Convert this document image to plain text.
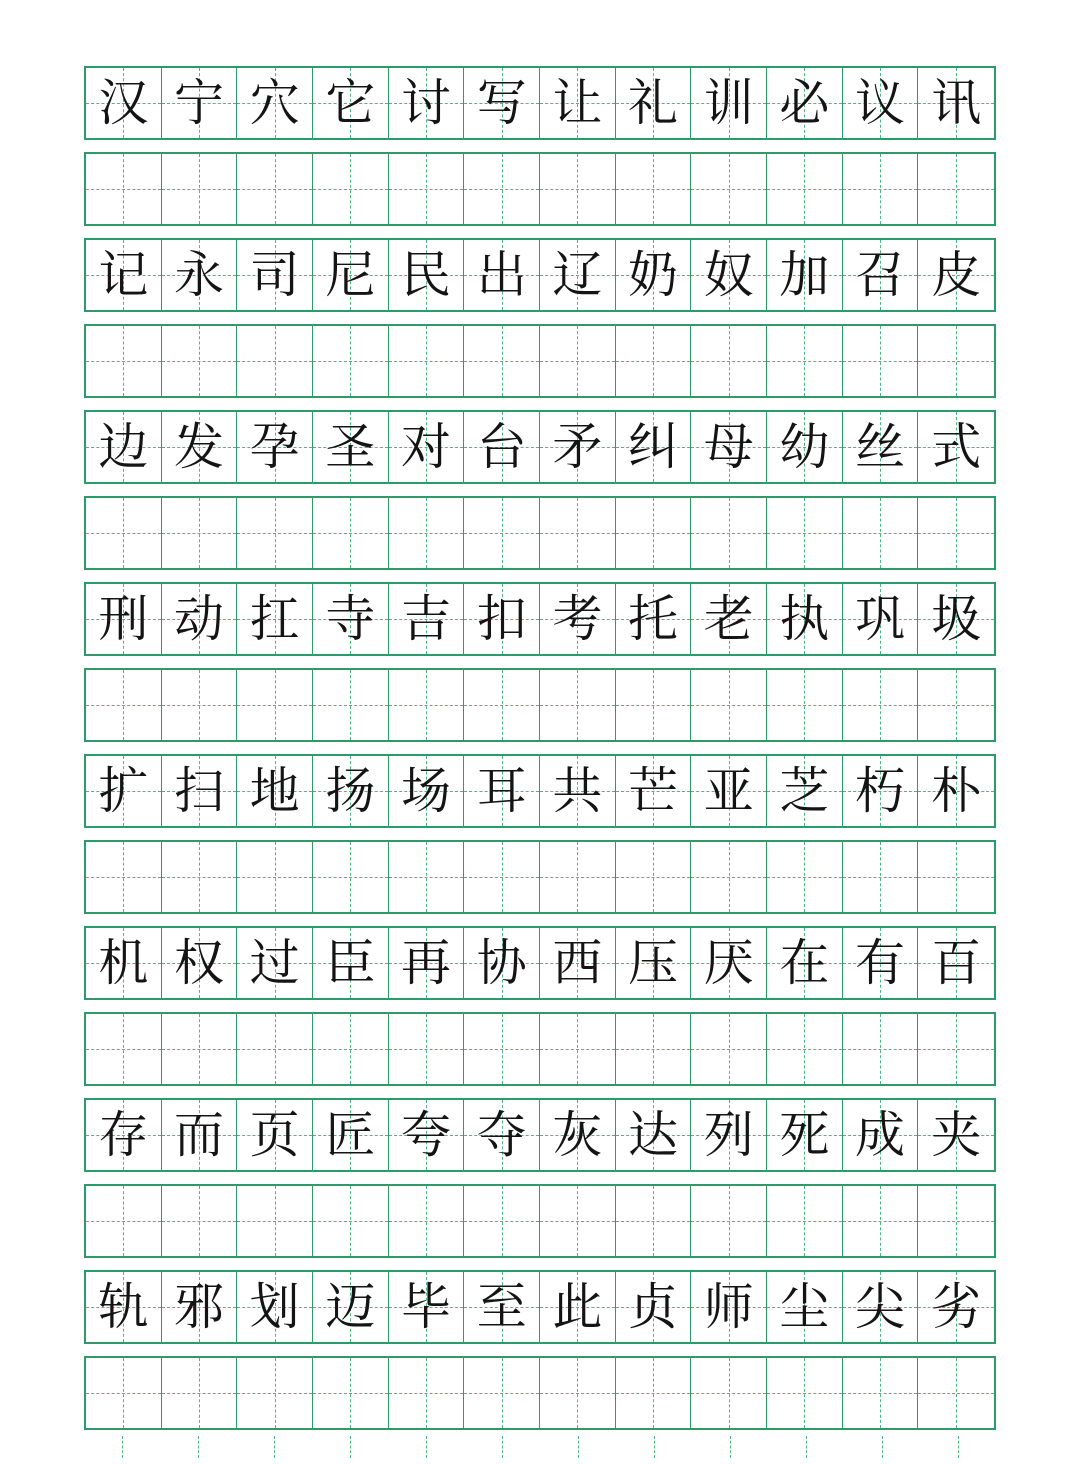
汉 宁 穴 它 讨 写 让 礼 训 必 议 讯
记 永 司 尼 民 出 辽 奶 奴 加 召 皮
边 发 孕 圣 对 台 矛 纠 母 幼 丝 式
刑 动 扛 寺 吉 扣 考 托 老 执 巩 圾
扩 扫 地 扬 场 耳 共 芒 亚 芝 朽 朴
机 权 过 臣 再 协 西 压 厌 在 有 百
存 而 页 匠 夸 夺 灰 达 列 死 成 夹
轨 邪 划 迈 毕 至 此 贞 师 尘 尖 劣
